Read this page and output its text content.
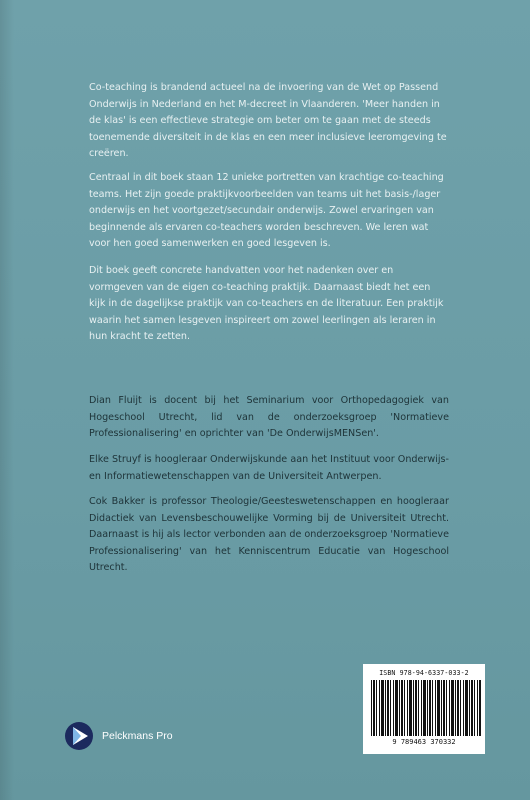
Co-teaching is brandend actueel na de invoering van de Wet op Passend Onderwijs in Nederland en het M-decreet in Vlaanderen. 'Meer handen in de klas' is een effectieve strategie om beter om te gaan met de steeds toenemende diversiteit in de klas en een meer inclusieve leeromgeving te creëren.

Centraal in dit boek staan 12 unieke portretten van krachtige co-teaching teams. Het zijn goede praktijkvoorbeelden van teams uit het basis-/lager onderwijs en het voortgezet/secundair onderwijs. Zowel ervaringen van beginnende als ervaren co-teachers worden beschreven. We leren wat voor hen goed samenwerken en goed lesgeven is.

Dit boek geeft concrete handvatten voor het nadenken over en vormgeven van de eigen co-teaching praktijk. Daarnaast biedt het een kijk in de dagelijkse praktijk van co-teachers en de literatuur. Een praktijk waarin het samen lesgeven inspireert om zowel leerlingen als leraren in hun kracht te zetten.

Dian Fluijt is docent bij het Seminarium voor Orthopedagogiek van Hogeschool Utrecht, lid van de onderzoeksgroep 'Normatieve Professionalisering' en oprichter van 'De OnderwijsMENSen'.

Elke Struyf is hoogleraar Onderwijskunde aan het Instituut voor Onderwijs- en Informatiewetenschappen van de Universiteit Antwerpen.

Cok Bakker is professor Theologie/Geesteswetenschappen en hoogleraar Didactiek van Levensbeschouwelijke Vorming bij de Universiteit Utrecht. Daarnaast is hij als lector verbonden aan de onderzoeksgroep 'Normatieve Professionalisering' van het Kenniscentrum Educatie van Hogeschool Utrecht.

ISBN 978-94-6337-033-2
9 789463 370332
Pelckmans Pro
